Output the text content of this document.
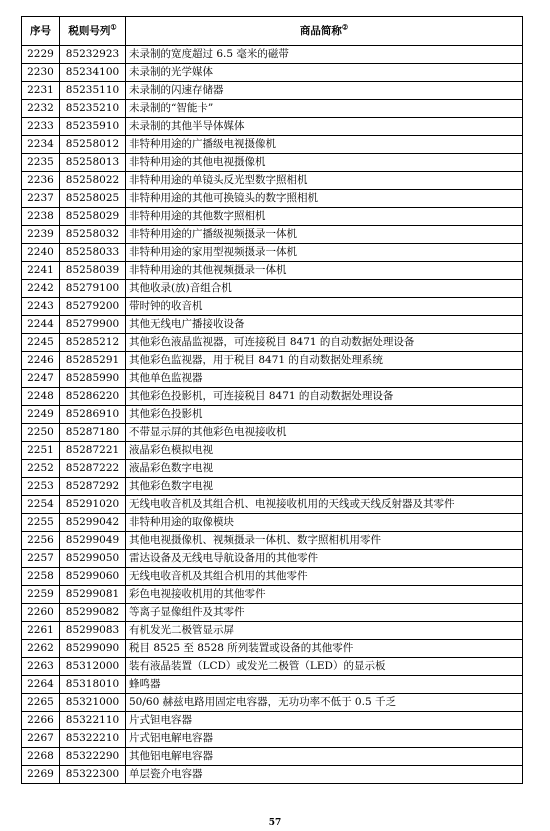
序号	税则号列①	商品简称②
2229	85232923	未录制的宽度超过 6.5 毫米的磁带
2230	85234100	未录制的光学媒体
2231	85235110	未录制的闪速存储器
2232	85235210	未录制的“智能卡”
2233	85235910	未录制的其他半导体媒体
2234	85258012	非特种用途的广播级电视摄像机
2235	85258013	非特种用途的其他电视摄像机
2236	85258022	非特种用途的单镜头反光型数字照相机
2237	85258025	非特种用途的其他可换镜头的数字照相机
2238	85258029	非特种用途的其他数字照相机
2239	85258032	非特种用途的广播级视频摄录一体机
2240	85258033	非特种用途的家用型视频摄录一体机
2241	85258039	非特种用途的其他视频摄录一体机
2242	85279100	其他收录(放)音组合机
2243	85279200	带时钟的收音机
2244	85279900	其他无线电广播接收设备
2245	85285212	其他彩色液晶监视器，可连接税目 8471 的自动数据处理设备
2246	85285291	其他彩色监视器，用于税目 8471 的自动数据处理系统
2247	85285990	其他单色监视器
2248	85286220	其他彩色投影机，可连接税目 8471 的自动数据处理设备
2249	85286910	其他彩色投影机
2250	85287180	不带显示屏的其他彩色电视接收机
2251	85287221	液晶彩色模拟电视
2252	85287222	液晶彩色数字电视
2253	85287292	其他彩色数字电视
2254	85291020	无线电收音机及其组合机、电视接收机用的天线或天线反射器及其零件
2255	85299042	非特种用途的取像模块
2256	85299049	其他电视摄像机、视频摄录一体机、数字照相机用零件
2257	85299050	雷达设备及无线电导航设备用的其他零件
2258	85299060	无线电收音机及其组合机用的其他零件
2259	85299081	彩色电视接收机用的其他零件
2260	85299082	等离子显像组件及其零件
2261	85299083	有机发光二极管显示屏
2262	85299090	税目 8525 至 8528 所列装置或设备的其他零件
2263	85312000	装有液晶装置（LCD）或发光二极管（LED）的显示板
2264	85318010	蜂鸣器
2265	85321000	50/60 赫兹电路用固定电容器，无功功率不低于 0.5 千乏
2266	85322110	片式钽电容器
2267	85322210	片式铝电解电容器
2268	85322290	其他铝电解电容器
2269	85322300	单层瓷介电容器
57
